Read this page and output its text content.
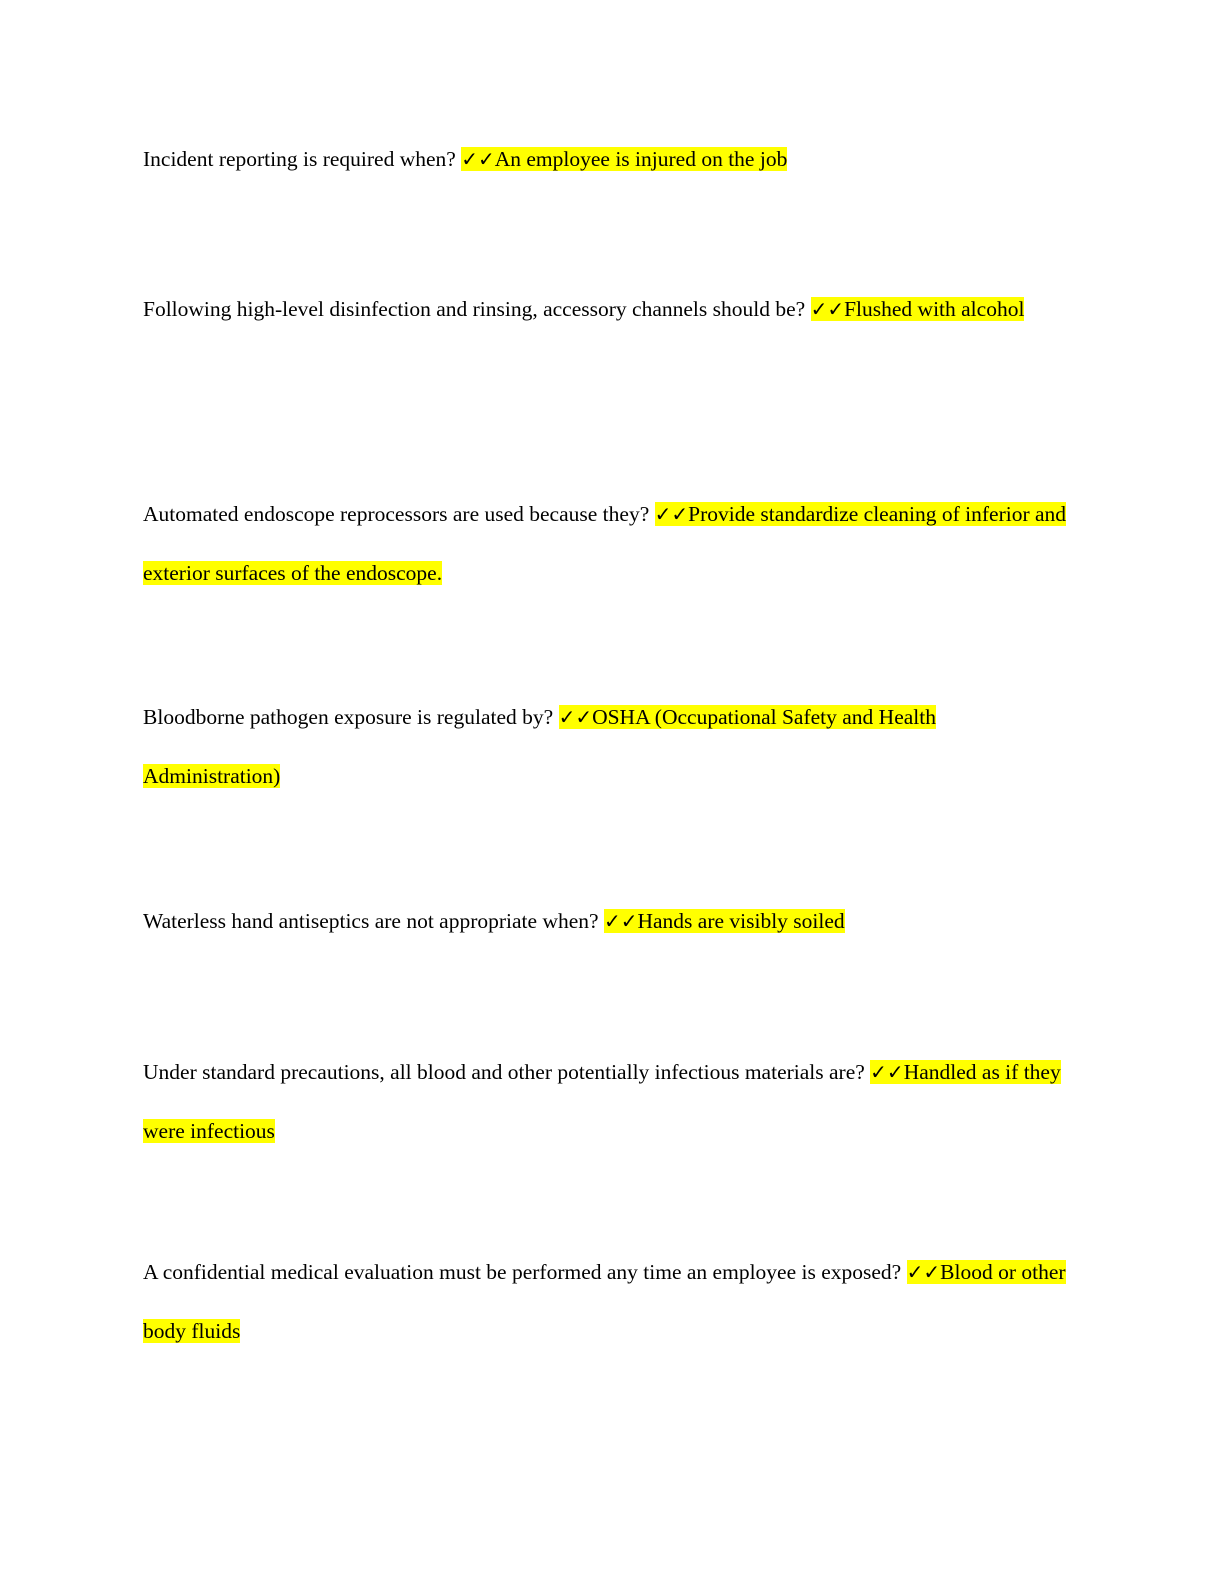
Incident reporting is required when? ✓✓An employee is injured on the job

Following high-level disinfection and rinsing, accessory channels should be? ✓✓Flushed with alcohol

Automated endoscope reprocessors are used because they? ✓✓Provide standardize cleaning of inferior and exterior surfaces of the endoscope.

Bloodborne pathogen exposure is regulated by? ✓✓OSHA (Occupational Safety and Health Administration)

Waterless hand antiseptics are not appropriate when? ✓✓Hands are visibly soiled

Under standard precautions, all blood and other potentially infectious materials are? ✓✓Handled as if they were infectious

A confidential medical evaluation must be performed any time an employee is exposed? ✓✓Blood or other body fluids
